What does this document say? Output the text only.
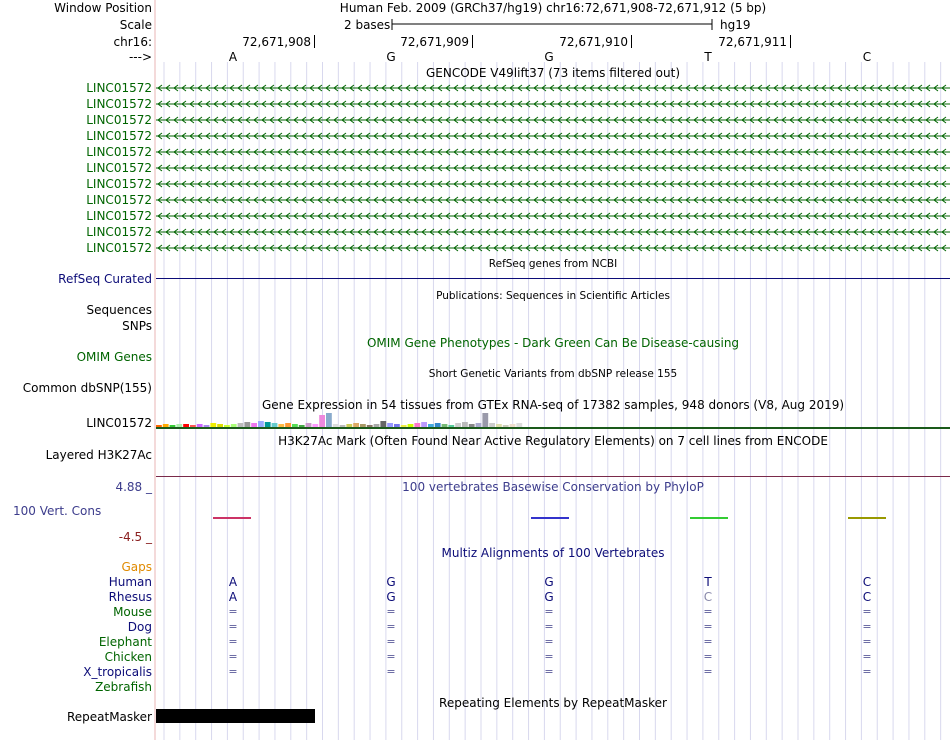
Window Position	Human Feb. 2009 (GRCh37/hg19) chr16:72,671,908-72,671,912 (5 bp)
Scale	2 bases	hg19
chr16:	72,671,908	72,671,909	72,671,910	72,671,911
--->	A	G	G	T	C
GENCODE V49lift37 (73 items filtered out)
LINC01572
LINC01572
LINC01572
LINC01572
LINC01572
LINC01572
LINC01572
LINC01572
LINC01572
LINC01572
LINC01572
RefSeq genes from NCBI
RefSeq Curated
Publications: Sequences in Scientific Articles
Sequences
SNPs
OMIM Gene Phenotypes - Dark Green Can Be Disease-causing
OMIM Genes
Short Genetic Variants from dbSNP release 155
Common dbSNP(155)
Gene Expression in 54 tissues from GTEx RNA-seq of 17382 samples, 948 donors (V8, Aug 2019)
LINC01572
H3K27Ac Mark (Often Found Near Active Regulatory Elements) on 7 cell lines from ENCODE
Layered H3K27Ac
100 vertebrates Basewise Conservation by PhyloP
4.88 _
100 Vert. Cons
-4.5 _
Multiz Alignments of 100 Vertebrates
Gaps
Human	A	G	G	T	C
Rhesus	A	G	G	C	C
Mouse	=	=	=	=	=
Dog	=	=	=	=	=
Elephant	=	=	=	=	=
Chicken	=	=	=	=	=
X_tropicalis	=	=	=	=	=
Zebrafish
Repeating Elements by RepeatMasker
RepeatMasker
